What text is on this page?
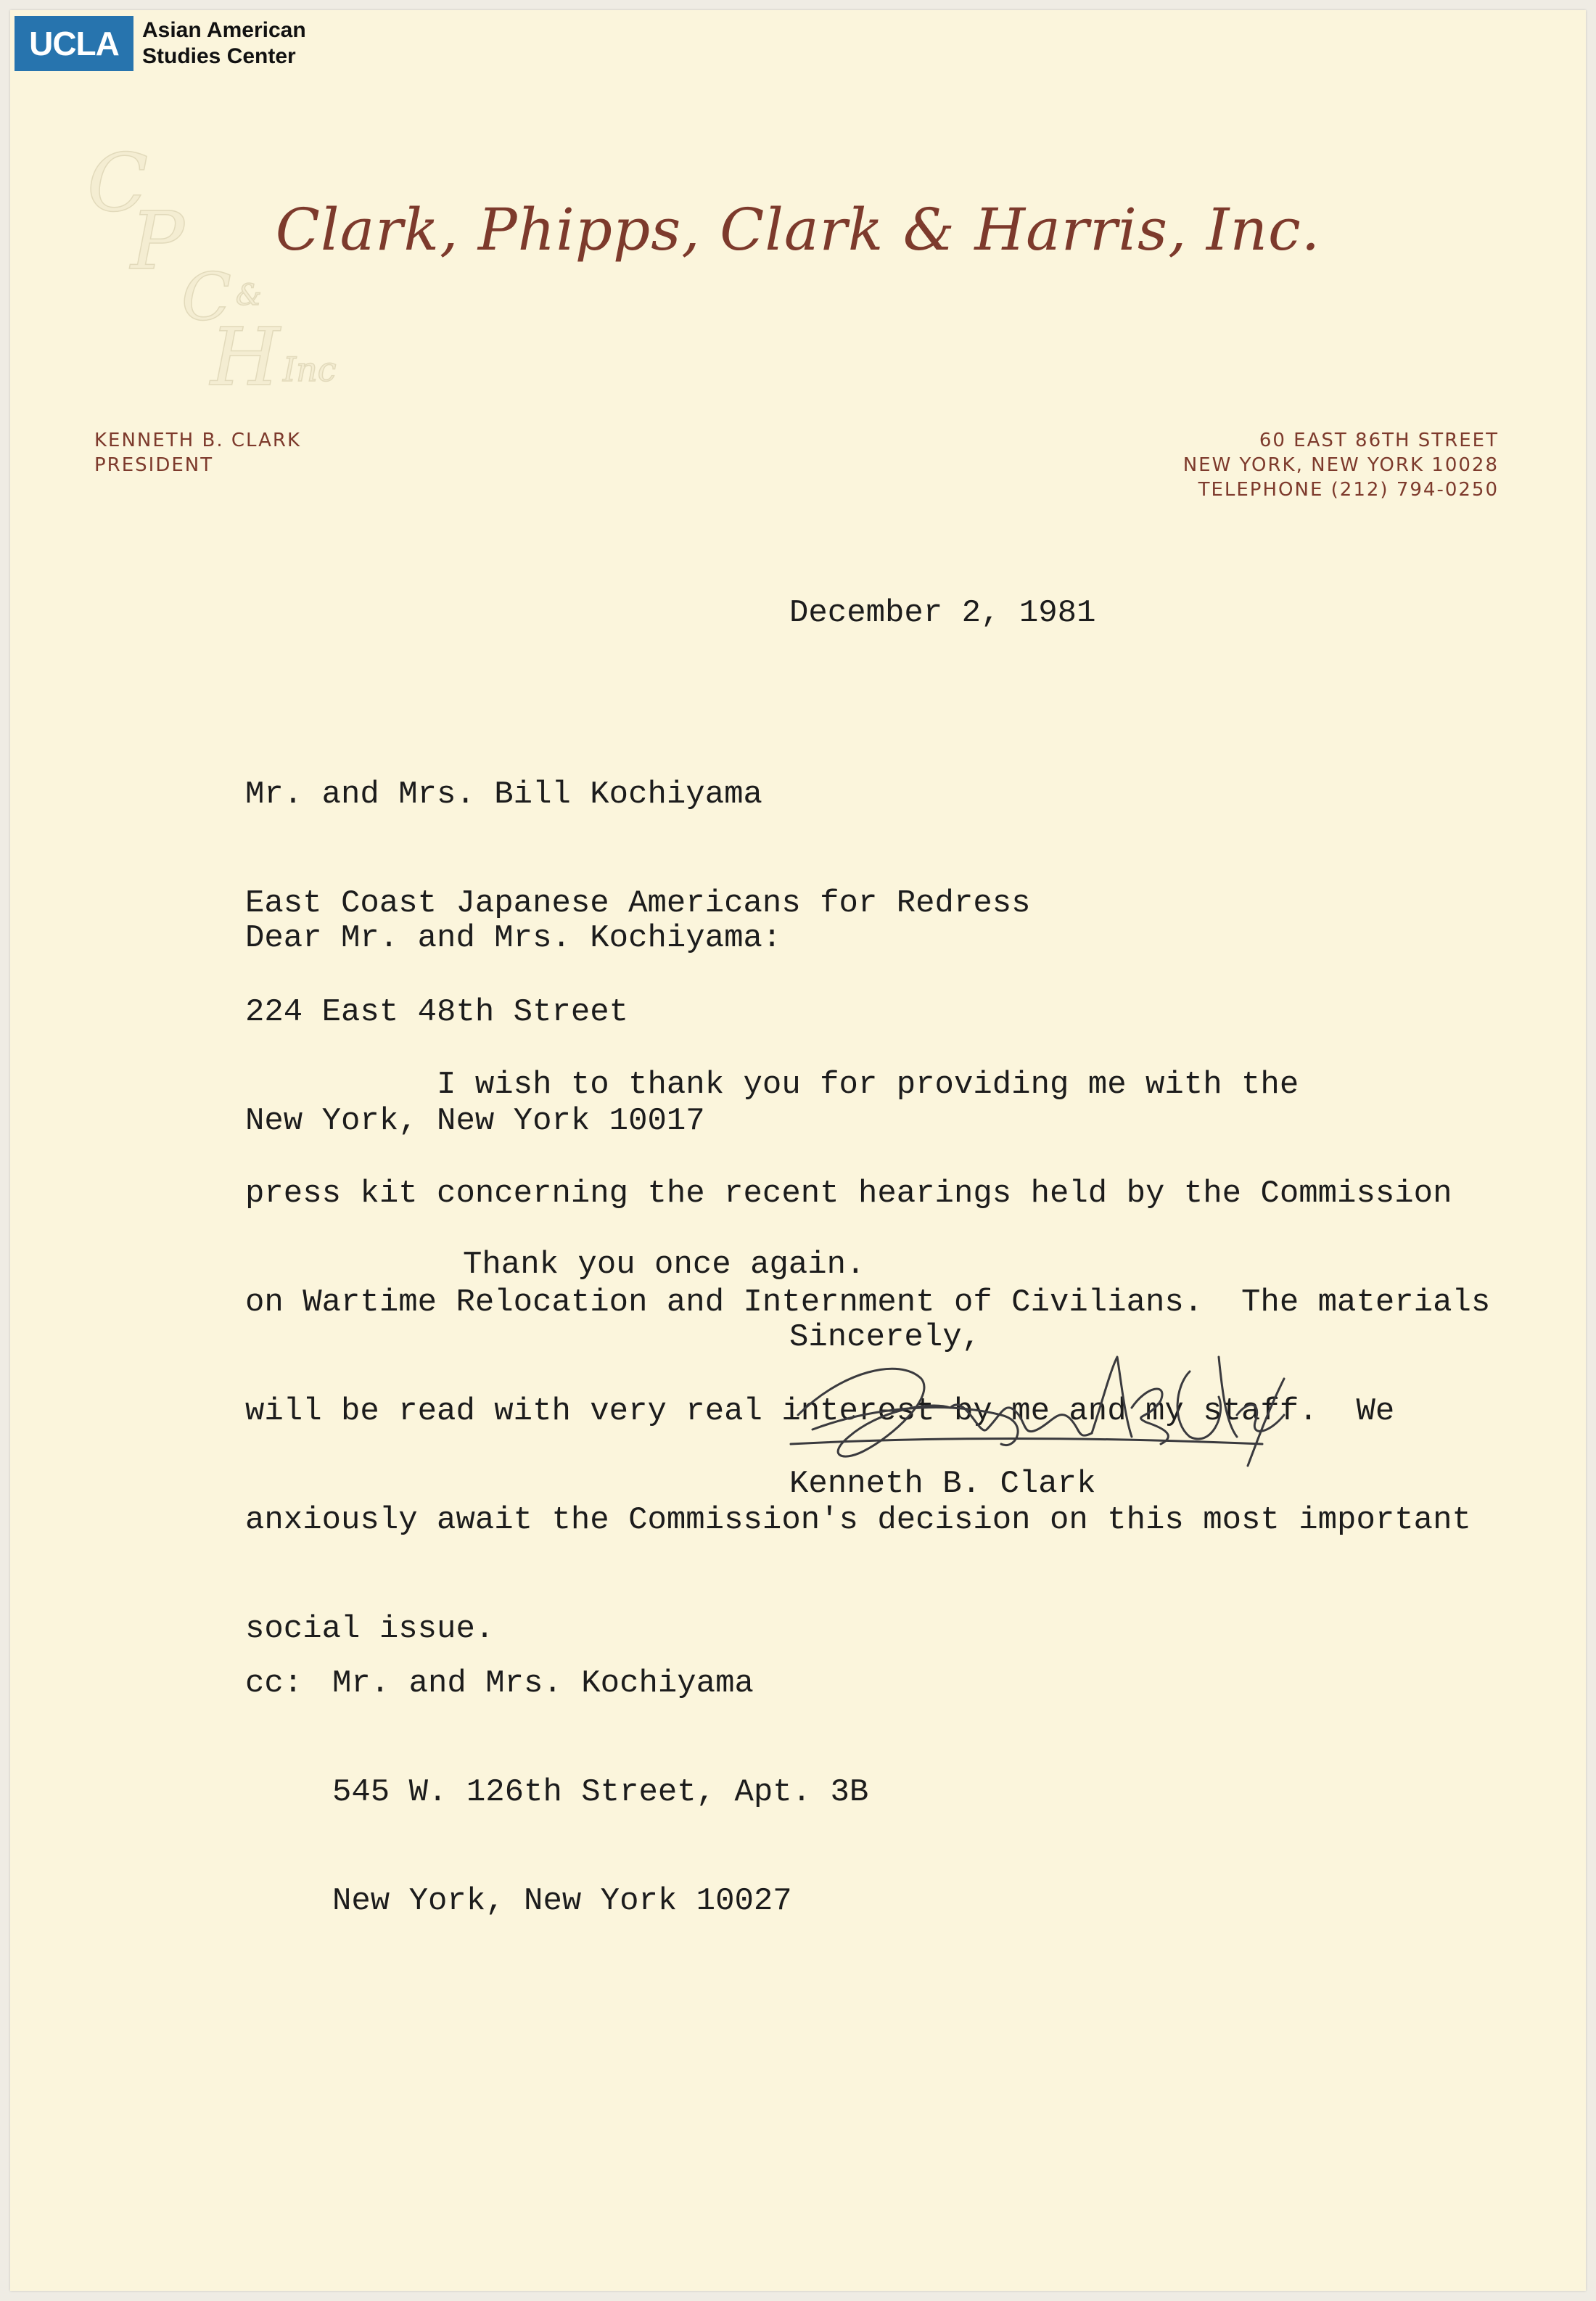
UCLA	Asian American
Studies Center
C
P
C &
H Inc
Clark, Phipps, Clark & Harris, Inc.
KENNETH B. CLARK
PRESIDENT
60 EAST 86TH STREET
NEW YORK, NEW YORK 10028
TELEPHONE (212) 794-0250
December 2, 1981

Mr. and Mrs. Bill Kochiyama

East Coast Japanese Americans for Redress

224 East 48th Street

New York, New York 10017

Dear Mr. and Mrs. Kochiyama:

I wish to thank you for providing me with the

press kit concerning the recent hearings held by the Commission

on Wartime Relocation and Internment of Civilians.  The materials

will be read with very real interest by me and my staff.  We

anxiously await the Commission's decision on this most important

social issue.

Thank you once again.
Sincerely,
Kenneth B. Clark

cc: Mr. and Mrs. Kochiyama

545 W. 126th Street, Apt. 3B

New York, New York 10027
